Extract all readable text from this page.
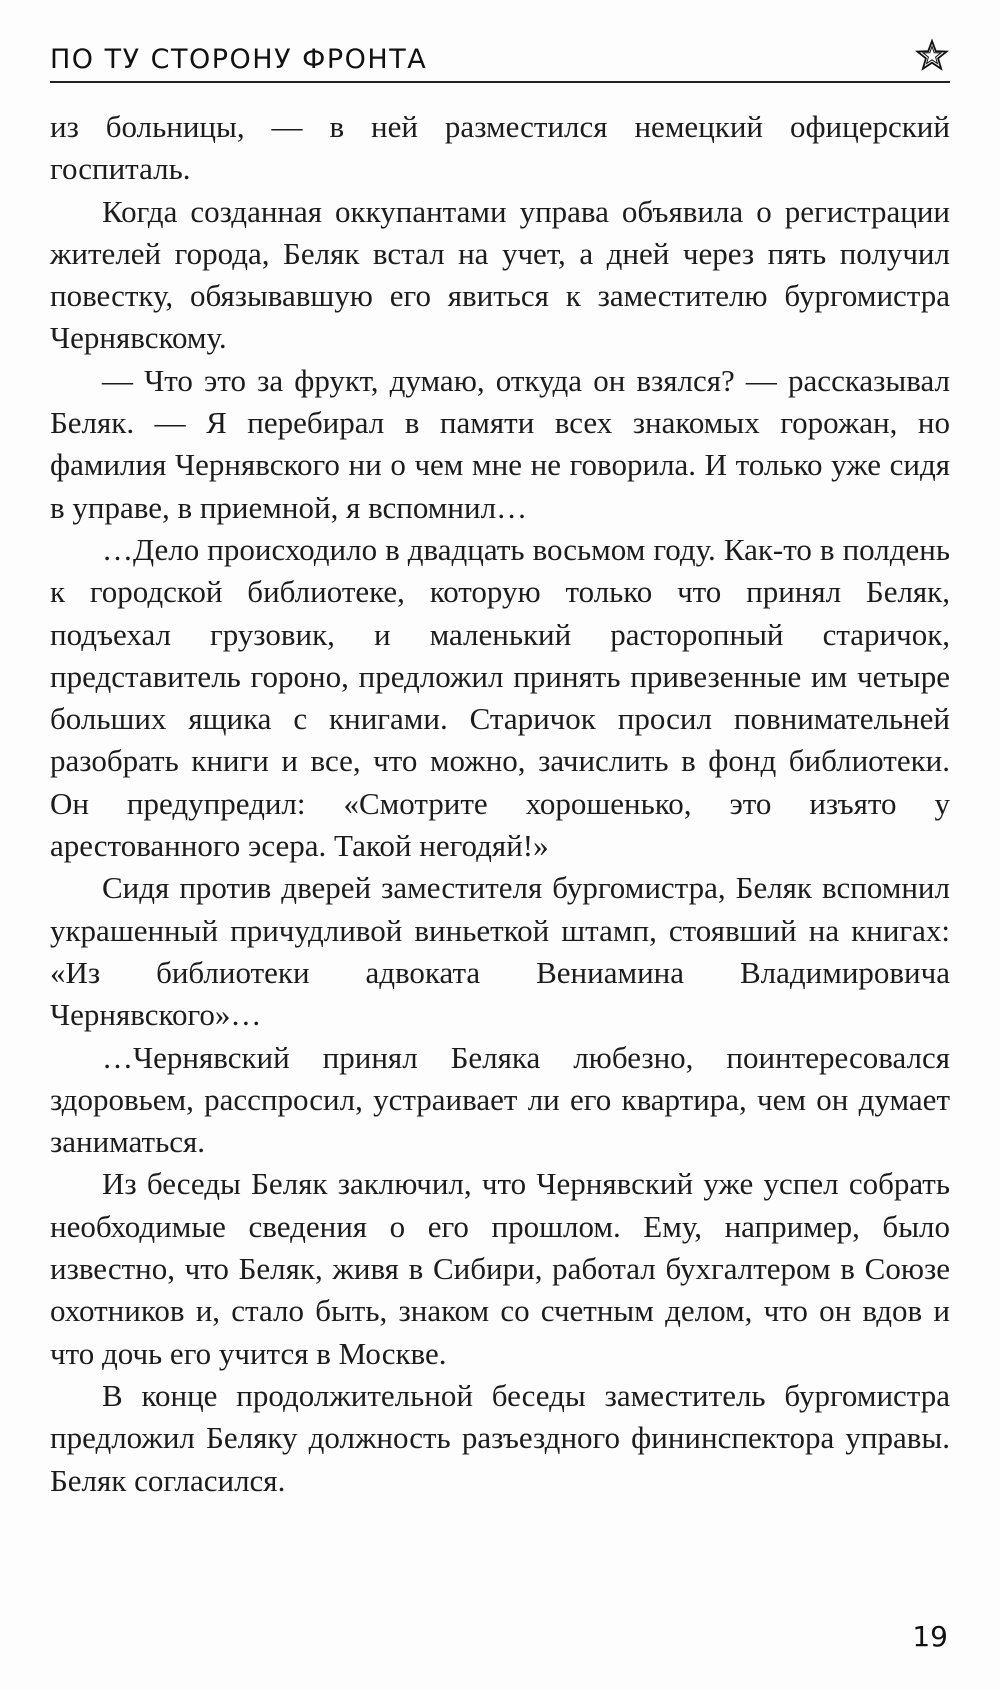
ПО ТУ СТОРОНУ ФРОНТА

из больницы, — в ней разместился немецкий офицерский госпиталь.

Когда созданная оккупантами управа объявила о регистрации жителей города, Беляк встал на учет, а дней через пять получил повестку, обязывавшую его явиться к заместителю бургомистра Чернявскому.

— Что это за фрукт, думаю, откуда он взялся? — рассказывал Беляк. — Я перебирал в памяти всех знакомых горожан, но фамилия Чернявского ни о чем мне не говорила. И только уже сидя в управе, в приемной, я вспомнил…

…Дело происходило в двадцать восьмом году. Как-то в полдень к городской библиотеке, которую только что принял Беляк, подъехал грузовик, и маленький расторопный старичок, представитель гороно, предложил принять привезенные им четыре больших ящика с книгами. Старичок просил повнимательней разобрать книги и все, что можно, зачислить в фонд библиотеки. Он предупредил: «Смотрите хорошенько, это изъято у арестованного эсера. Такой негодяй!»

Сидя против дверей заместителя бургомистра, Беляк вспомнил украшенный причудливой виньеткой штамп, стоявший на книгах: «Из библиотеки адвоката Вениамина Владимировича Чернявского»…

…Чернявский принял Беляка любезно, поинтересовался здоровьем, расспросил, устраивает ли его квартира, чем он думает заниматься.

Из беседы Беляк заключил, что Чернявский уже успел собрать необходимые сведения о его прошлом. Ему, например, было известно, что Беляк, живя в Сибири, работал бухгалтером в Союзе охотников и, стало быть, знаком со счетным делом, что он вдов и что дочь его учится в Москве.

В конце продолжительной беседы заместитель бургомистра предложил Беляку должность разъездного фининспектора управы. Беляк согласился.

19
